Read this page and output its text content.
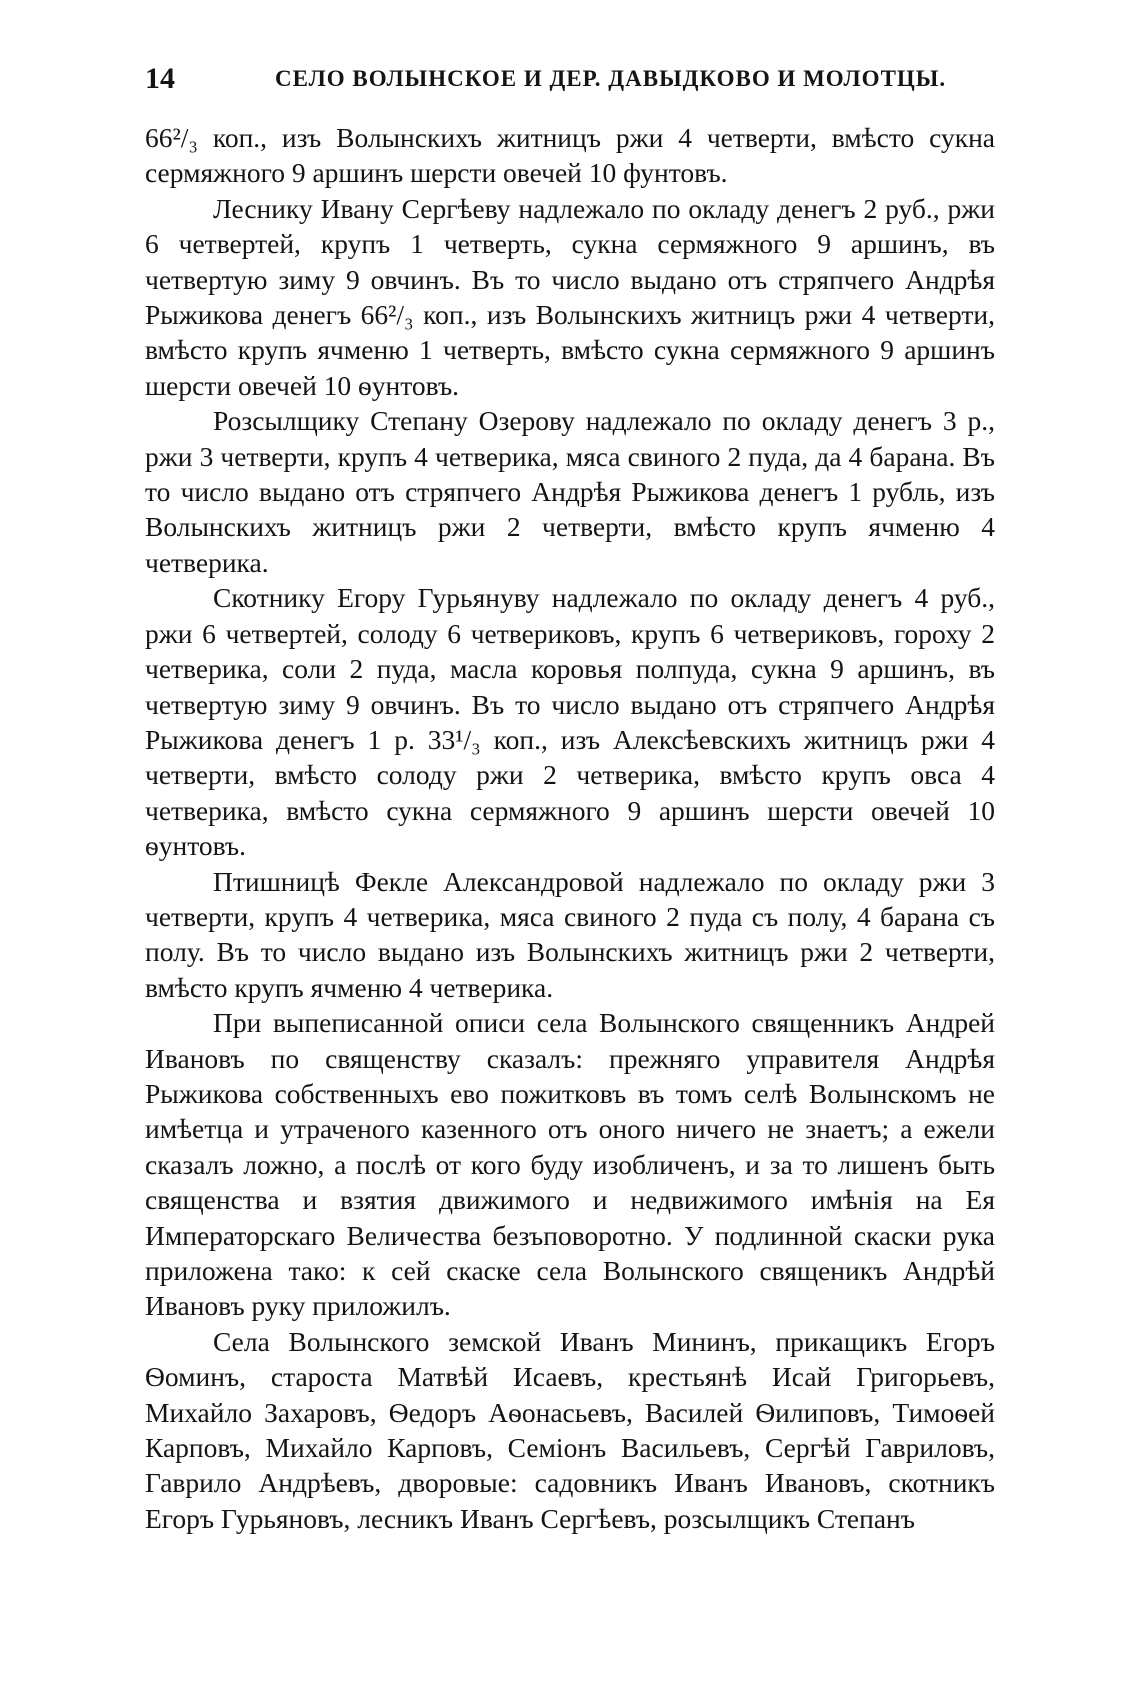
14	СЕЛО ВОЛЫНСКОЕ И ДЕР. ДАВЫДКОВО И МОЛОТЦЫ.

66²/₃ коп., изъ Волынскихъ житницъ ржи 4 четверти, вмѣсто сукна сермяжного 9 аршинъ шерсти овечей 10 фунтовъ.

Леснику Ивану Сергѣеву надлежало по окладу денегъ 2 руб., ржи 6 четвертей, крупъ 1 четверть, сукна сермяжного 9 аршинъ, въ четвертую зиму 9 овчинъ. Въ то число выдано отъ стряпчего Андрѣя Рыжикова денегъ 66²/₃ коп., изъ Волынскихъ житницъ ржи 4 четверти, вмѣсто крупъ ячменю 1 четверть, вмѣсто сукна сермяжного 9 аршинъ шерсти овечей 10 ѳунтовъ.

Розсылщику Степану Озерову надлежало по окладу денегъ 3 р., ржи 3 четверти, крупъ 4 четверика, мяса свиного 2 пуда, да 4 барана. Въ то число выдано отъ стряпчего Андрѣя Рыжикова денегъ 1 рубль, изъ Волынскихъ житницъ ржи 2 четверти, вмѣсто крупъ ячменю 4 четверика.

Скотнику Егору Гурьянуву надлежало по окладу денегъ 4 руб., ржи 6 четвертей, солоду 6 четвериковъ, крупъ 6 четвериковъ, гороху 2 четверика, соли 2 пуда, масла коровья полпуда, сукна 9 аршинъ, въ четвертую зиму 9 овчинъ. Въ то число выдано отъ стряпчего Андрѣя Рыжикова денегъ 1 р. 33¹/₃ коп., изъ Алексѣевскихъ житницъ ржи 4 четверти, вмѣсто солоду ржи 2 четверика, вмѣсто крупъ овса 4 четверика, вмѣсто сукна сермяжного 9 аршинъ шерсти овечей 10 ѳунтовъ.

Птишницѣ Фекле Александровой надлежало по окладу ржи 3 четверти, крупъ 4 четверика, мяса свиного 2 пуда съ полу, 4 барана съ полу. Въ то число выдано изъ Волынскихъ житницъ ржи 2 четверти, вмѣсто крупъ ячменю 4 четверика.

При выпеписанной описи села Волынского священникъ Андрей Ивановъ по священству сказалъ: прежняго управителя Андрѣя Рыжикова собственныхъ ево пожитковъ въ томъ селѣ Волынскомъ не имѣетца и утраченого казенного отъ оного ничего не знаетъ; а ежели сказалъ ложно, а послѣ от кого буду изобличенъ, и за то лишенъ быть священства и взятия движимого и недвижимого имѣнія на Ея Императорскаго Величества безъповоротно. У подлинной скаски рука приложена тако: к сей скаске села Волынского священикъ Андрѣй Ивановъ руку приложилъ.

Села Волынского земской Иванъ Мининъ, прикащикъ Егоръ Ѳоминъ, староста Матвѣй Исаевъ, крестьянѣ Исай Григорьевъ, Михайло Захаровъ, Ѳедоръ Аѳонасьевъ, Василей Ѳилиповъ, Тимоѳей Карповъ, Михайло Карповъ, Семіонъ Васильевъ, Сергѣй Гавриловъ, Гаврило Андрѣевъ, дворовые: садовникъ Иванъ Ивановъ, скотникъ Егоръ Гурьяновъ, лесникъ Иванъ Сергѣевъ, розсылщикъ Степанъ
